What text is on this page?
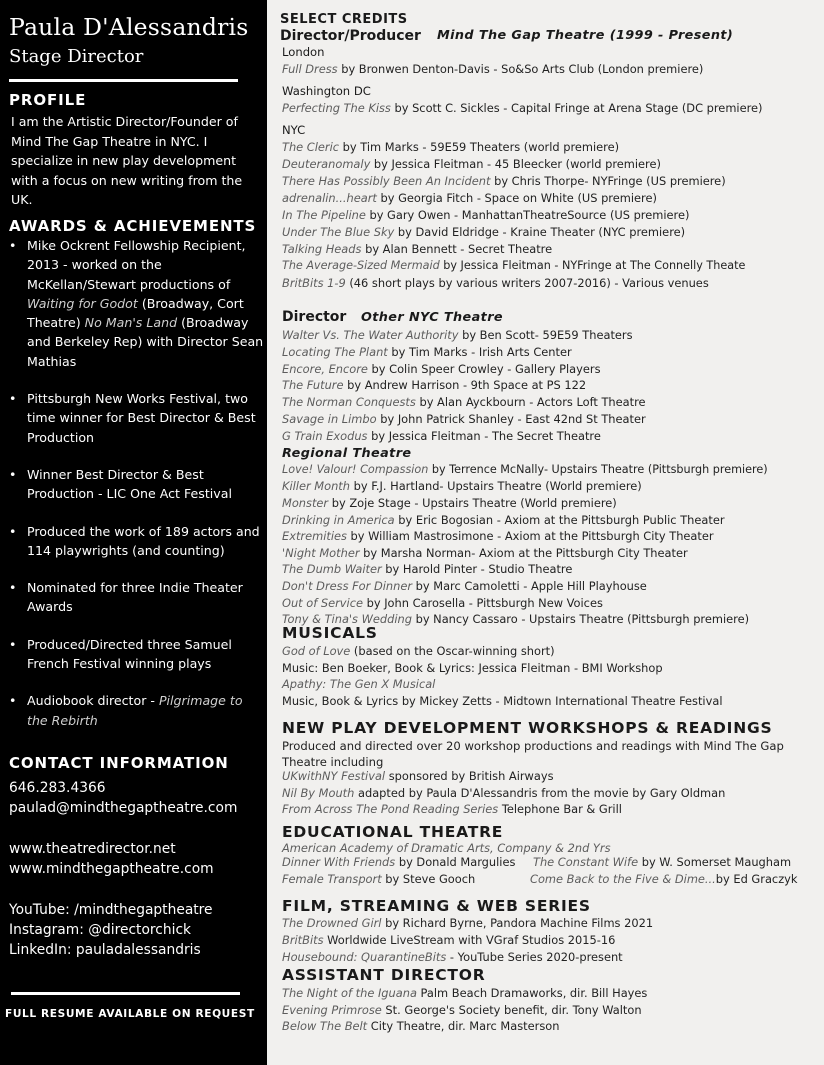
Paula D'Alessandris
Stage Director
PROFILE
I am the Artistic Director/Founder of Mind The Gap Theatre in NYC. I specialize in new play development with a focus on new writing from the UK.
AWARDS & ACHIEVEMENTS
• Mike Ockrent Fellowship Recipient, 2013 - worked on the McKellan/Stewart productions of Waiting for Godot (Broadway, Cort Theatre) No Man's Land (Broadway and Berkeley Rep) with Director Sean Mathias
• Pittsburgh New Works Festival, two time winner for Best Director & Best Production
• Winner Best Director & Best Production - LIC One Act Festival
• Produced the work of 189 actors and 114 playwrights (and counting)
• Nominated for three Indie Theater Awards
• Produced/Directed three Samuel French Festival winning plays
• Audiobook director - Pilgrimage to the Rebirth
CONTACT INFORMATION
646.283.4366
paulad@mindthegaptheatre.com
www.theatredirector.net
www.mindthegaptheatre.com
YouTube: /mindthegaptheatre
Instagram: @directorchick
LinkedIn: pauladalessandris
FULL RESUME AVAILABLE ON REQUEST
SELECT CREDITS
Director/Producer Mind The Gap Theatre (1999 - Present)
London
Full Dress by Bronwen Denton-Davis - So&So Arts Club (London premiere)
Washington DC
Perfecting The Kiss by Scott C. Sickles - Capital Fringe at Arena Stage (DC premiere)
NYC
The Cleric by Tim Marks - 59E59 Theaters (world premiere)
Deuteranomaly by Jessica Fleitman - 45 Bleecker (world premiere)
There Has Possibly Been An Incident by Chris Thorpe- NYFringe (US premiere)
adrenalin...heart by Georgia Fitch - Space on White (US premiere)
In The Pipeline by Gary Owen - ManhattanTheatreSource (US premiere)
Under The Blue Sky by David Eldridge - Kraine Theater (NYC premiere)
Talking Heads by Alan Bennett - Secret Theatre
The Average-Sized Mermaid by Jessica Fleitman - NYFringe at The Connelly Theate
BritBits 1-9 (46 short plays by various writers 2007-2016) - Various venues
Director Other NYC Theatre
Walter Vs. The Water Authority by Ben Scott- 59E59 Theaters
Locating The Plant by Tim Marks - Irish Arts Center
Encore, Encore by Colin Speer Crowley - Gallery Players
The Future by Andrew Harrison - 9th Space at PS 122
The Norman Conquests by Alan Ayckbourn - Actors Loft Theatre
Savage in Limbo by John Patrick Shanley - East 42nd St Theater
G Train Exodus by Jessica Fleitman - The Secret Theatre
Regional Theatre
Love! Valour! Compassion by Terrence McNally- Upstairs Theatre (Pittsburgh premiere)
Killer Month by F.J. Hartland- Upstairs Theatre (World premiere)
Monster by Zoje Stage - Upstairs Theatre (World premiere)
Drinking in America by Eric Bogosian - Axiom at the Pittsburgh Public Theater
Extremities by William Mastrosimone - Axiom at the Pittsburgh City Theater
'Night Mother by Marsha Norman- Axiom at the Pittsburgh City Theater
The Dumb Waiter by Harold Pinter - Studio Theatre
Don't Dress For Dinner by Marc Camoletti - Apple Hill Playhouse
Out of Service by John Carosella - Pittsburgh New Voices
Tony & Tina's Wedding by Nancy Cassaro - Upstairs Theatre (Pittsburgh premiere)
MUSICALS
God of Love (based on the Oscar-winning short)
Music: Ben Boeker, Book & Lyrics: Jessica Fleitman - BMI Workshop
Apathy: The Gen X Musical
Music, Book & Lyrics by Mickey Zetts - Midtown International Theatre Festival
NEW PLAY DEVELOPMENT WORKSHOPS & READINGS
Produced and directed over 20 workshop productions and readings with Mind The Gap
Theatre including
UKwithNY Festival sponsored by British Airways
Nil By Mouth adapted by Paula D'Alessandris from the movie by Gary Oldman
From Across The Pond Reading Series Telephone Bar & Grill
EDUCATIONAL THEATRE
American Academy of Dramatic Arts, Company & 2nd Yrs
Dinner With Friends by Donald Margulies The Constant Wife by W. Somerset Maugham
Female Transport by Steve Gooch	Come Back to the Five & Dime...by Ed Graczyk
FILM, STREAMING & WEB SERIES
The Drowned Girl by Richard Byrne, Pandora Machine Films 2021
BritBits Worldwide LiveStream with VGraf Studios 2015-16
Housebound: QuarantineBits - YouTube Series 2020-present
ASSISTANT DIRECTOR
The Night of the Iguana Palm Beach Dramaworks, dir. Bill Hayes
Evening Primrose St. George's Society benefit, dir. Tony Walton
Below The Belt City Theatre, dir. Marc Masterson
